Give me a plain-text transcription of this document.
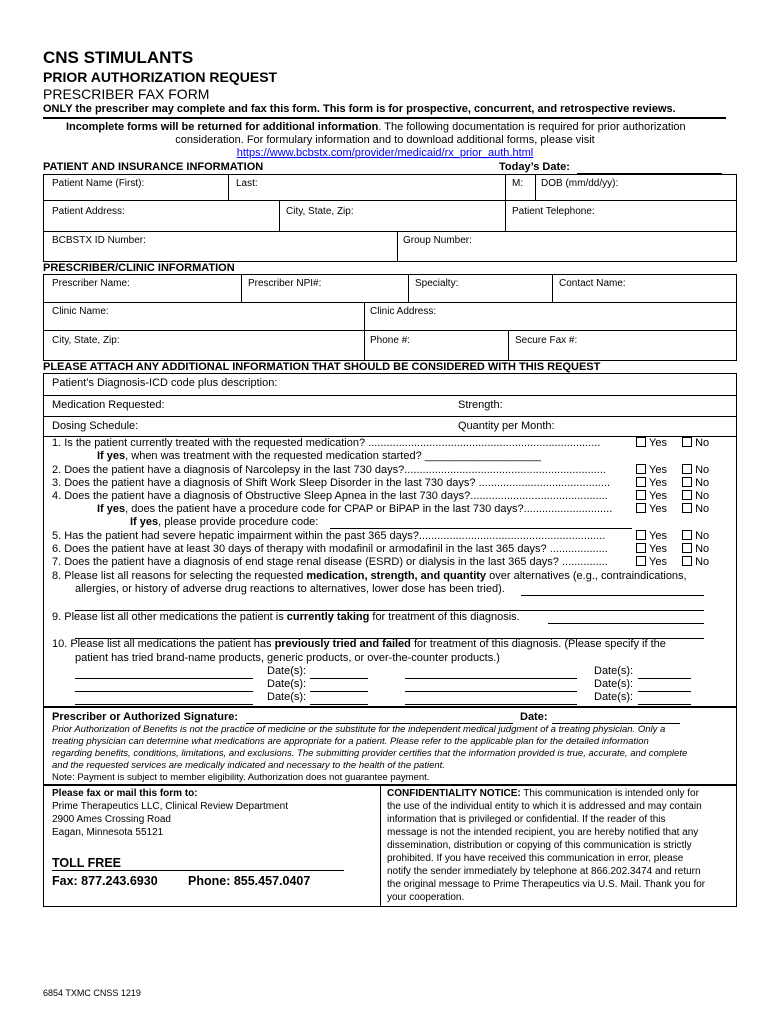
CNS STIMULANTS
PRIOR AUTHORIZATION REQUEST
PRESCRIBER FAX FORM
ONLY the prescriber may complete and fax this form. This form is for prospective, concurrent, and retrospective reviews.
Incomplete forms will be returned for additional information. The following documentation is required for prior authorization
consideration. For formulary information and to download additional forms, please visit
https://www.bcbstx.com/provider/medicaid/rx_prior_auth.html
PATIENT AND INSURANCE INFORMATION	Today’s Date:
Patient Name (First):	Last:	M: DOB (mm/dd/yy):
Patient Address:	City, State, Zip:	Patient Telephone:
BCBSTX ID Number:	Group Number:
PRESCRIBER/CLINIC INFORMATION
Prescriber Name:	Prescriber NPI#:	Specialty:	Contact Name:
Clinic Name:	Clinic Address:
City, State, Zip:	Phone #:	Secure Fax #:
PLEASE ATTACH ANY ADDITIONAL INFORMATION THAT SHOULD BE CONSIDERED WITH THIS REQUEST
Patient’s Diagnosis-ICD code plus description:
Medication Requested:	Strength:
Dosing Schedule:	Quantity per Month:
1. Is the patient currently treated with the requested medication? ............................................................................	Yes	No
If yes, when was treatment with the requested medication started? ___________________
2. Does the patient have a diagnosis of Narcolepsy in the last 730 days?..................................................................	Yes	No
3. Does the patient have a diagnosis of Shift Work Sleep Disorder in the last 730 days? ...........................................	Yes	No
4. Does the patient have a diagnosis of Obstructive Sleep Apnea in the last 730 days?.............................................	Yes	No
If yes, does the patient have a procedure code for CPAP or BiPAP in the last 730 days?.............................	Yes	No
If yes, please provide procedure code:
5. Has the patient had severe hepatic impairment within the past 365 days?.............................................................	Yes	No
6. Does the patient have at least 30 days of therapy with modafinil or armodafinil in the last 365 days? ...................	Yes	No
7. Does the patient have a diagnosis of end stage renal disease (ESRD) or dialysis in the last 365 days? ...............	Yes	No
8. Please list all reasons for selecting the requested medication, strength, and quantity over alternatives (e.g., contraindications,
allergies, or history of adverse drug reactions to alternatives, lower dose has been tried).
9. Please list all other medications the patient is currently taking for treatment of this diagnosis.
10. Please list all medications the patient has previously tried and failed for treatment of this diagnosis. (Please specify if the
patient has tried brand-name products, generic products, or over-the-counter products.)
Date(s):	Date(s):
Date(s):	Date(s):
Date(s):	Date(s):
Prescriber or Authorized Signature:	Date:
Prior Authorization of Benefits is not the practice of medicine or the substitute for the independent medical judgment of a treating physician. Only a
treating physician can determine what medications are appropriate for a patient. Please refer to the applicable plan for the detailed information
regarding benefits, conditions, limitations, and exclusions. The submitting provider certifies that the information provided is true, accurate, and complete
and the requested services are medically indicated and necessary to the health of the patient.
Note: Payment is subject to member eligibility. Authorization does not guarantee payment.
Please fax or mail this form to:
Prime Therapeutics LLC, Clinical Review Department
2900 Ames Crossing Road
Eagan, Minnesota 55121
TOLL FREE
Fax: 877.243.6930 Phone: 855.457.0407
CONFIDENTIALITY NOTICE: This communication is intended only for
the use of the individual entity to which it is addressed and may contain
information that is privileged or confidential. If the reader of this
message is not the intended recipient, you are hereby notified that any
dissemination, distribution or copying of this communication is strictly
prohibited. If you have received this communication in error, please
notify the sender immediately by telephone at 866.202.3474 and return
the original message to Prime Therapeutics via U.S. Mail. Thank you for
your cooperation.
6854 TXMC CNSS 1219
